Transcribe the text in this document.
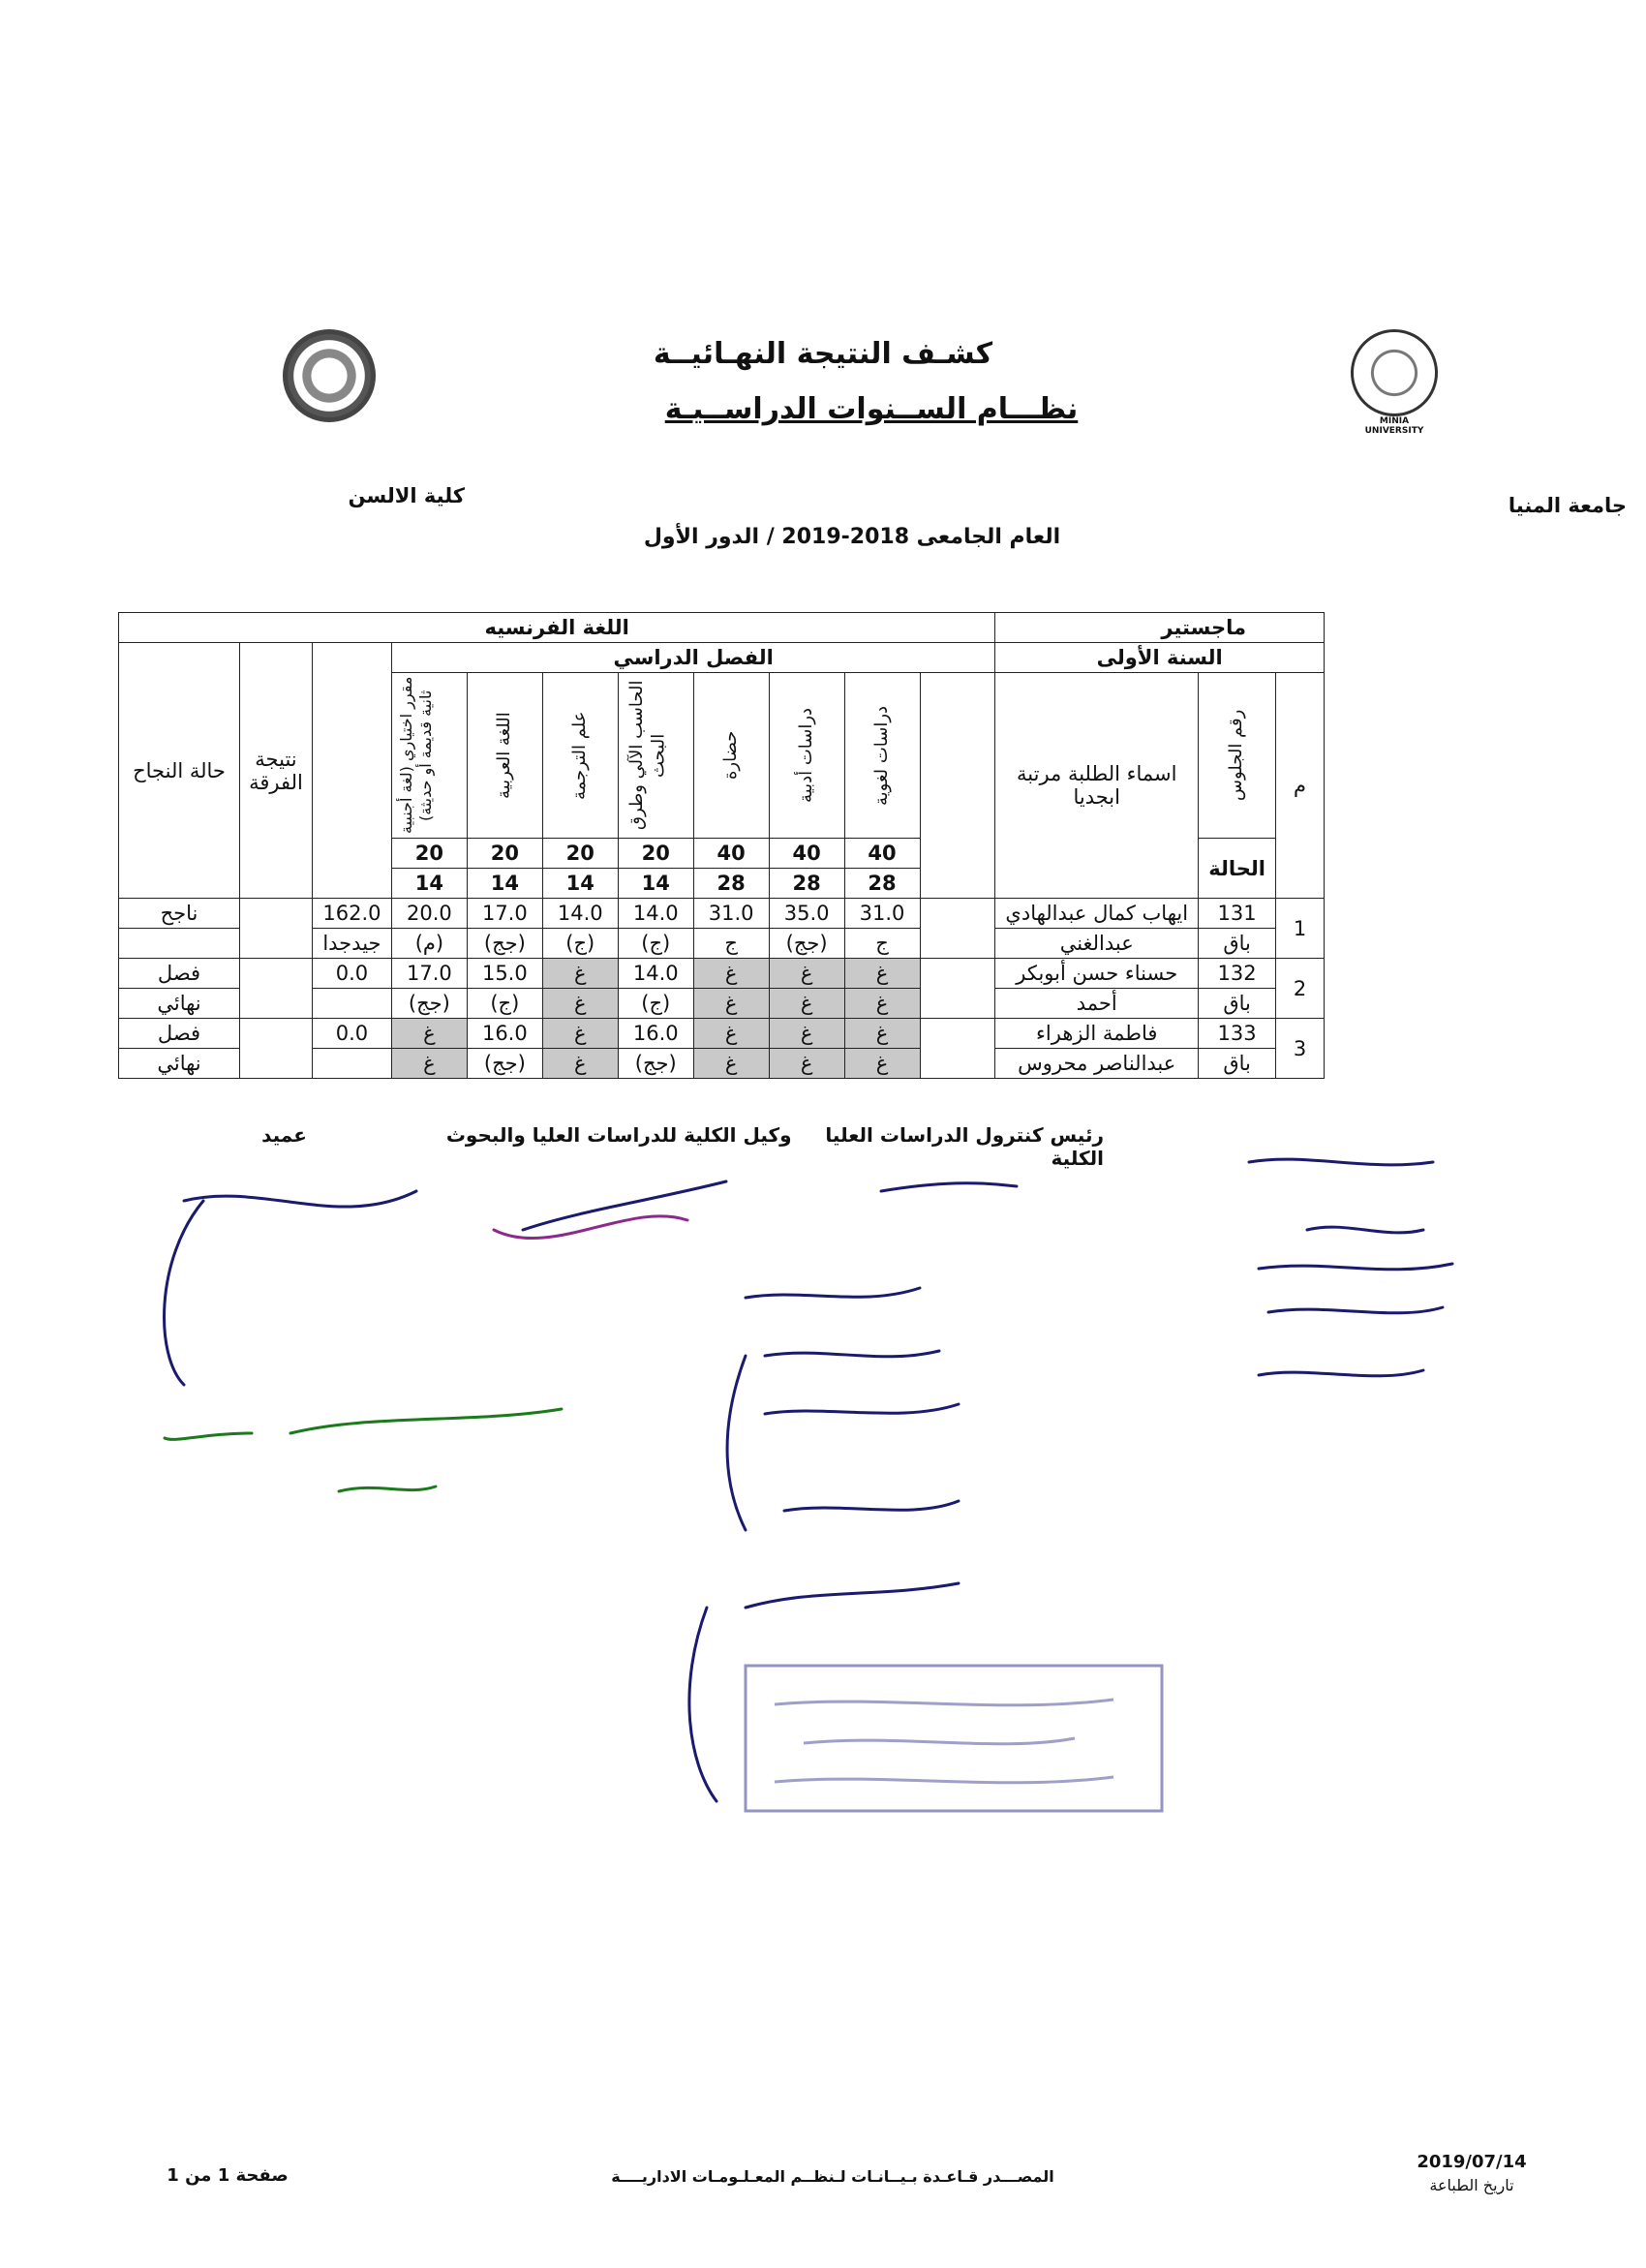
كشـف النتيجة النهـائيــة
نظـــام الســنوات الدراســيـة	MINIA UNIVERSITY
جامعة المنيا
كلية الالسن
العام الجامعى 2018-2019 / الدور الأول
ماجستير			اللغة الفرنسيه										
السنة الأولى			الفصل الدراسي									نتيجة الفرقة	حالة النجاح
م	رقم الجلوس	اسماء الطلبة مرتبة ابجديا		دراسات لغوية	دراسات أدبية	حضارة	الحاسب الآلي وطرق البحث	علم الترجمة	اللغة العربية	مقرر اختياري (لغة أجنبية ثانية قديمة أو حديثة)			

	الحالة			40	40	40	20	20	20	20			
				28	28	28	14	14	14	14			
1	131	ايهاب كمال عبدالهادي		31.0	35.0	31.0	14.0	14.0	17.0	20.0	162.0		ناجح
	باق	عبدالغني		ج	(جج)	ج	(ج)	(ج)	(جج)	(م)	جيدجدا		
2	132	حسناء حسن أبوبكر		غ	غ	غ	14.0	غ	15.0	17.0	0.0		فصل
	باق	أحمد		غ	غ	غ	(ج)	غ	(ج)	(جج)			نهائي
3	133	فاطمة الزهراء		غ	غ	غ	16.0	غ	16.0	غ	0.0		فصل
	باق	عبدالناصر محروس		غ	غ	غ	(جج)	غ	(جج)	غ			نهائي
رئيس كنترول الدراسات العليا     وكيل الكلية للدراسات العليا والبحوث  عميد الكلية
2019/07/14
تاريخ الطباعة
المصـــدر قـاعـدة بـيــانـات لـنظــم المعـلـومـات الاداريــــة
صفحة 1 من 1
